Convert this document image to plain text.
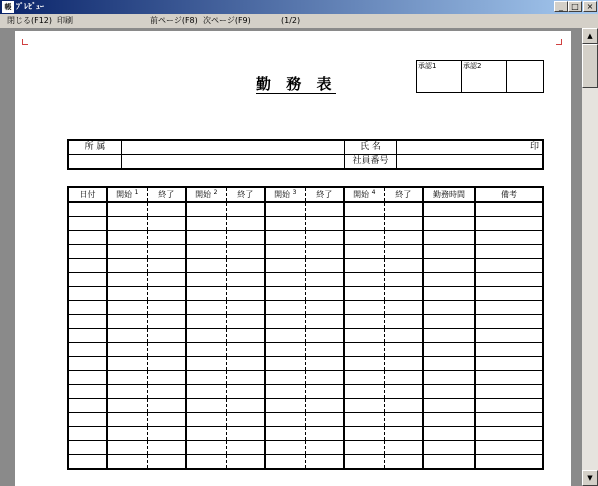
帳 ﾌﾟﾚﾋﾞｭｰ	_	□ ×
閉じる(F12) 印刷	前ページ(F8) 次ページ(F9)	(1/2)
勤 務 表
承認1	承認2	
所 属		氏 名	印
		社員番号	
日付	開始 $^1$	終了	開始 $^2$	終了	開始 $^3$	終了	開始 $^4$	終了	勤務時間	備考

▲
▼
